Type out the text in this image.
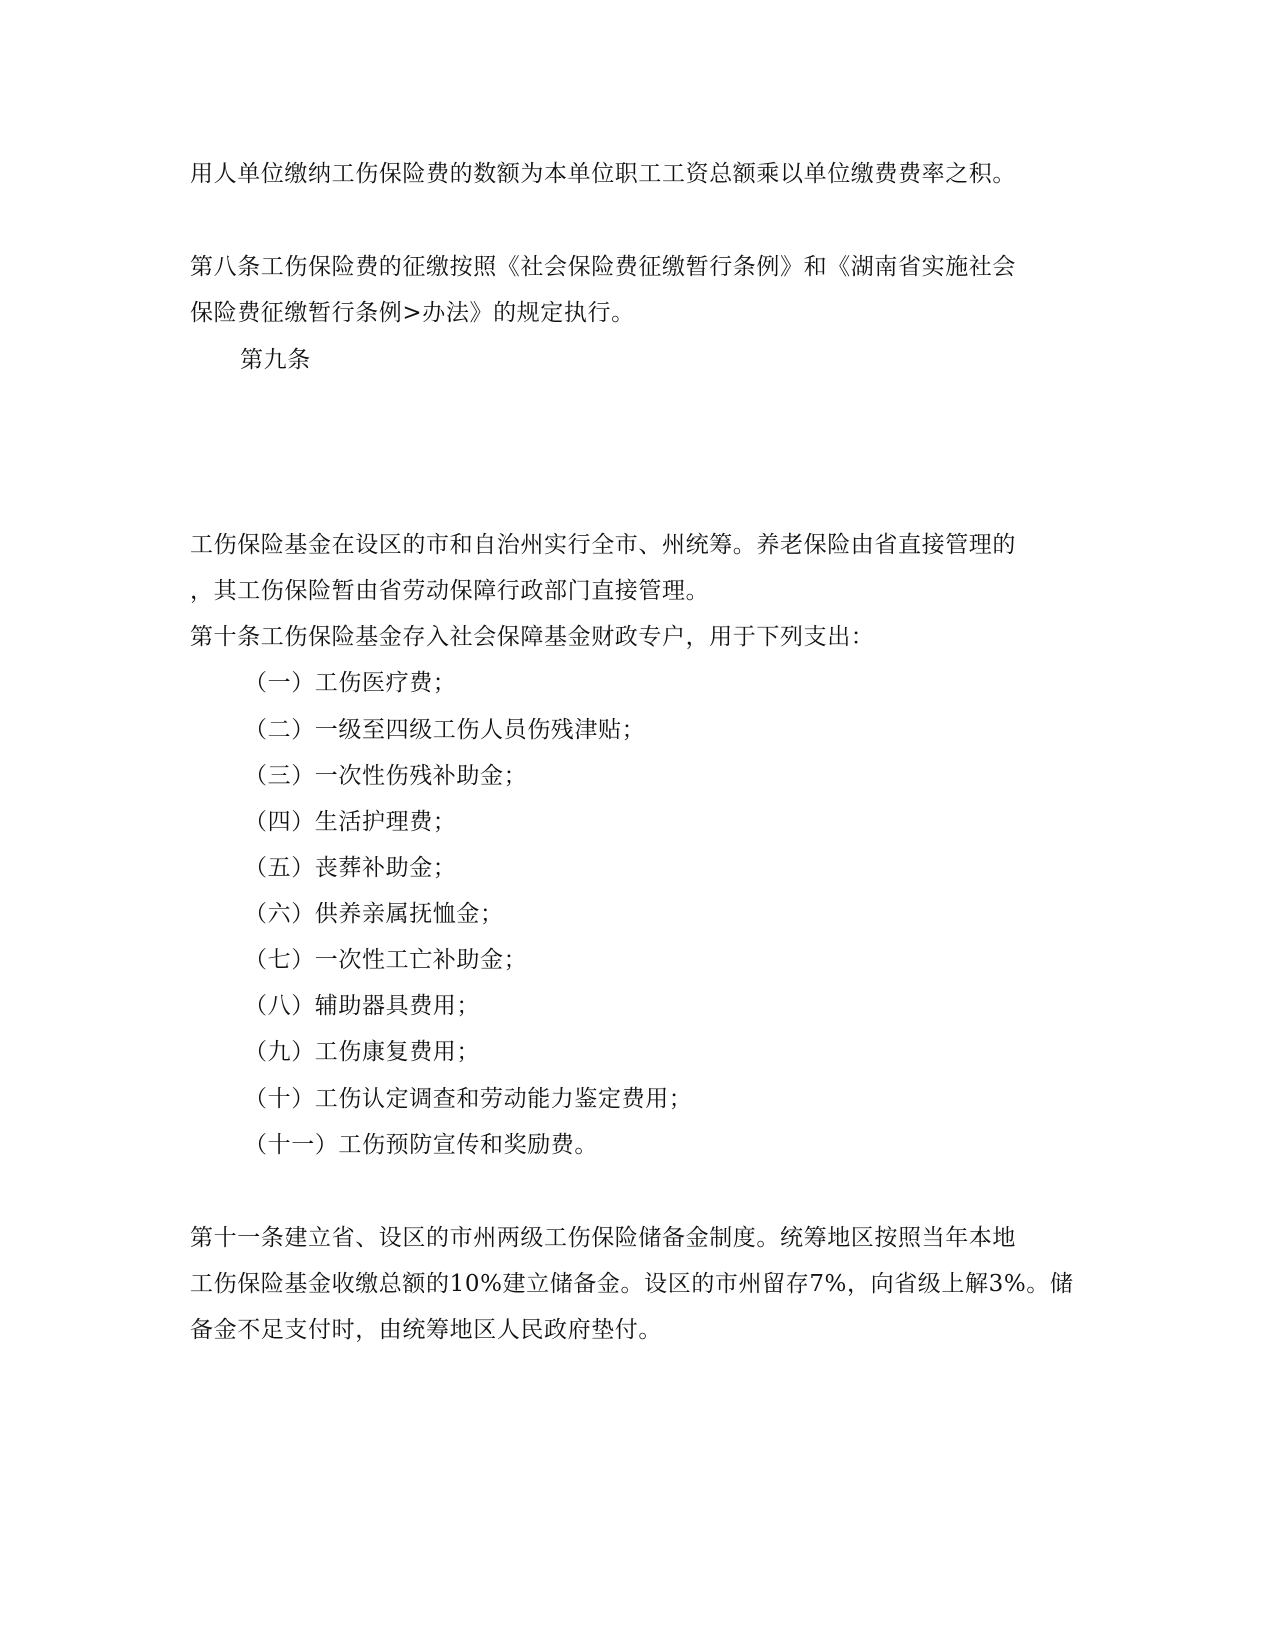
用人单位缴纳工伤保险费的数额为本单位职工工资总额乘以单位缴费费率之积。
第八条工伤保险费的征缴按照《社会保险费征缴暂行条例》和《湖南省实施社会
保险费征缴暂行条例>办法》的规定执行。
第九条
工伤保险基金在设区的市和自治州实行全市、州统筹。养老保险由省直接管理的
，其工伤保险暂由省劳动保障行政部门直接管理。
第十条工伤保险基金存入社会保障基金财政专户，用于下列支出：
（一）工伤医疗费；
（二）一级至四级工伤人员伤残津贴；
（三）一次性伤残补助金；
（四）生活护理费；
（五）丧葬补助金；
（六）供养亲属抚恤金；
（七）一次性工亡补助金；
（八）辅助器具费用；
（九）工伤康复费用；
（十）工伤认定调查和劳动能力鉴定费用；
（十一）工伤预防宣传和奖励费。
第十一条建立省、设区的市州两级工伤保险储备金制度。统筹地区按照当年本地
工伤保险基金收缴总额的10%建立储备金。设区的市州留存7%，向省级上解3%。储
备金不足支付时，由统筹地区人民政府垫付。
